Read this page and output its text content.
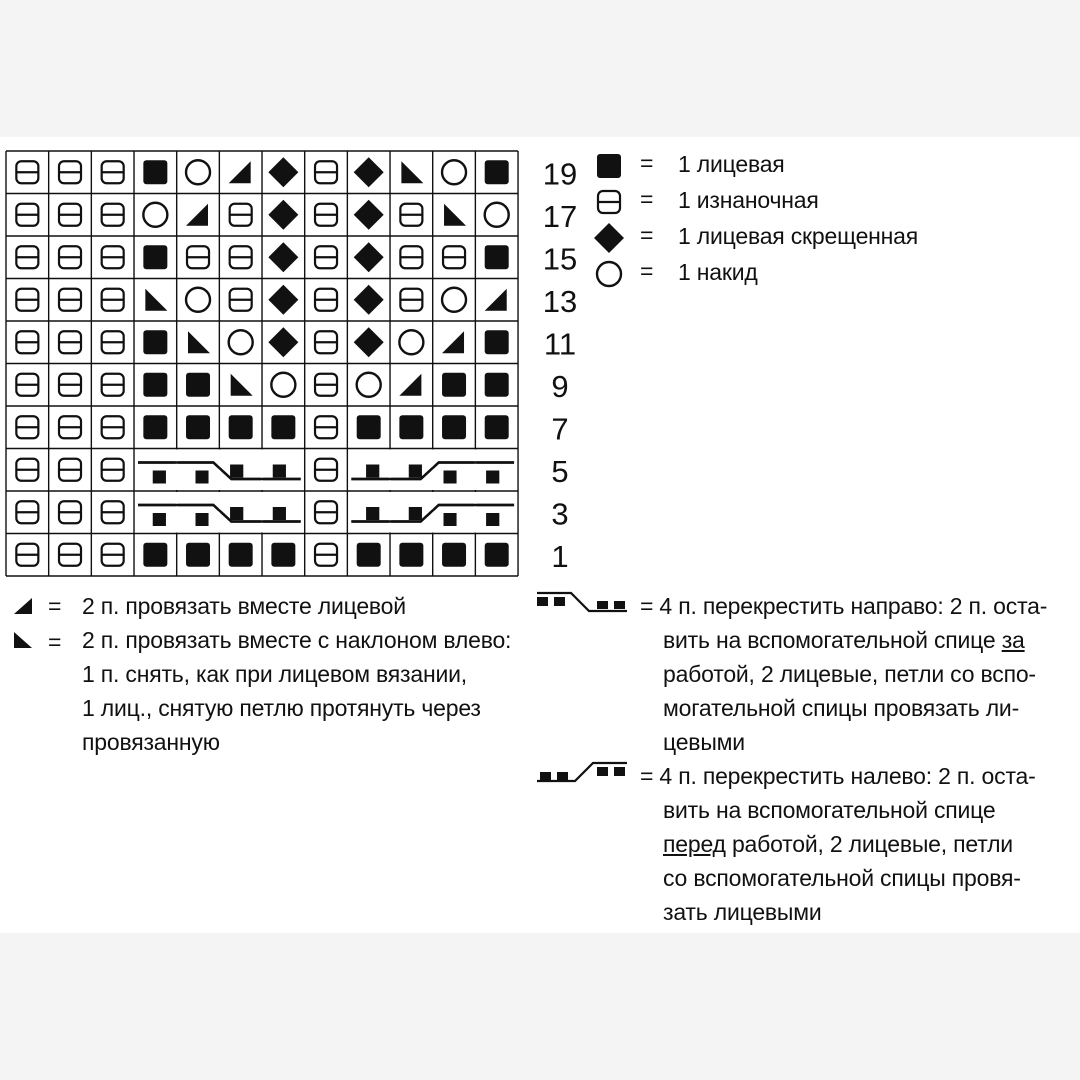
19
17
15
13
11
9
7
5
3
1
= 1 лицевая
= 1 изнаночная
= 1 лицевая скрещенная
= 1 накид
= 2 п. провязать вместе лицевой
= 2 п. провязать вместе с наклоном влево:
1 п. снять, как при лицевом вязании,
1 лиц., снятую петлю протянуть через
провязанную
= 4 п. перекрестить направо: 2 п. оста-
вить на вспомогательной спице за
работой, 2 лицевые, петли со вспо-
могательной спицы провязать ли-
цевыми
= 4 п. перекрестить налево: 2 п. оста-
вить на вспомогательной спице
перед работой, 2 лицевые, петли
со вспомогательной спицы провя-
зать лицевыми
